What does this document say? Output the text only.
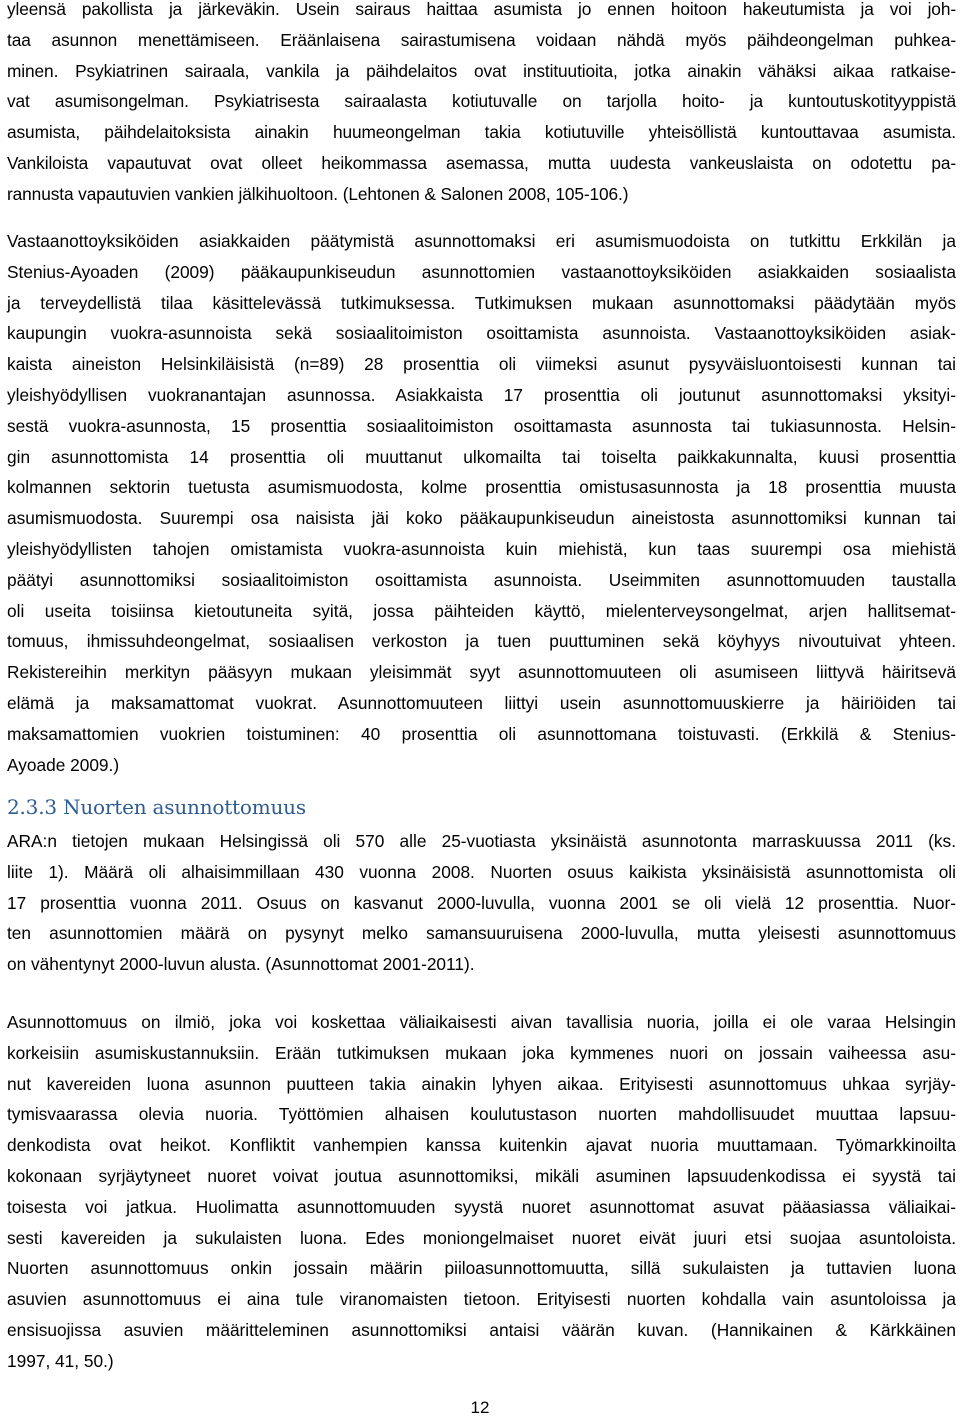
yleensä pakollista ja järkeväkin. Usein sairaus haittaa asumista jo ennen hoitoon hakeutumista ja voi joh-
taa asunnon menettämiseen. Eräänlaisena sairastumisena voidaan nähdä myös päihdeongelman puhkea-
minen. Psykiatrinen sairaala, vankila ja päihdelaitos ovat instituutioita, jotka ainakin vähäksi aikaa ratkaise-
vat asumisongelman. Psykiatrisesta sairaalasta kotiutuvalle on tarjolla hoito- ja kuntoutuskotityyppistä
asumista, päihdelaitoksista ainakin huumeongelman takia kotiutuville yhteisöllistä kuntouttavaa asumista.
Vankiloista vapautuvat ovat olleet heikommassa asemassa, mutta uudesta vankeuslaista on odotettu pa-
rannusta vapautuvien vankien jälkihuoltoon. (Lehtonen & Salonen 2008, 105-106.)
Vastaanottoyksiköiden asiakkaiden päätymistä asunnottomaksi eri asumismuodoista on tutkittu Erkkilän ja
Stenius-Ayoaden (2009) pääkaupunkiseudun asunnottomien vastaanottoyksiköiden asiakkaiden sosiaalista
ja terveydellistä tilaa käsittelevässä tutkimuksessa. Tutkimuksen mukaan asunnottomaksi päädytään myös
kaupungin vuokra-asunnoista sekä sosiaalitoimiston osoittamista asunnoista. Vastaanottoyksiköiden asiak-
kaista aineiston Helsinkiläisistä (n=89) 28 prosenttia oli viimeksi asunut pysyväisluontoisesti kunnan tai
yleishyödyllisen vuokranantajan asunnossa. Asiakkaista 17 prosenttia oli joutunut asunnottomaksi yksityi-
sestä vuokra-asunnosta, 15 prosenttia sosiaalitoimiston osoittamasta asunnosta tai tukiasunnosta. Helsin-
gin asunnottomista 14 prosenttia oli muuttanut ulkomailta tai toiselta paikkakunnalta, kuusi prosenttia
kolmannen sektorin tuetusta asumismuodosta, kolme prosenttia omistusasunnosta ja 18 prosenttia muusta
asumismuodosta. Suurempi osa naisista jäi koko pääkaupunkiseudun aineistosta asunnottomiksi kunnan tai
yleishyödyllisten tahojen omistamista vuokra-asunnoista kuin miehistä, kun taas suurempi osa miehistä
päätyi asunnottomiksi sosiaalitoimiston osoittamista asunnoista. Useimmiten asunnottomuuden taustalla
oli useita toisiinsa kietoutuneita syitä, jossa päihteiden käyttö, mielenterveysongelmat, arjen hallitsemat-
tomuus, ihmissuhdeongelmat, sosiaalisen verkoston ja tuen puuttuminen sekä köyhyys nivoutuivat yhteen.
Rekistereihin merkityn pääsyyn mukaan yleisimmät syyt asunnottomuuteen oli asumiseen liittyvä häiritsevä
elämä ja maksamattomat vuokrat. Asunnottomuuteen liittyi usein asunnottomuuskierre ja häiriöiden tai
maksamattomien vuokrien toistuminen: 40 prosenttia oli asunnottomana toistuvasti. (Erkkilä & Stenius-
Ayoade 2009.)
2.3.3 Nuorten asunnottomuus
ARA:n tietojen mukaan Helsingissä oli 570 alle 25-vuotiasta yksinäistä asunnotonta marraskuussa 2011 (ks.
liite 1). Määrä oli alhaisimmillaan 430 vuonna 2008. Nuorten osuus kaikista yksinäisistä asunnottomista oli
17 prosenttia vuonna 2011. Osuus on kasvanut 2000-luvulla, vuonna 2001 se oli vielä 12 prosenttia. Nuor-
ten asunnottomien määrä on pysynyt melko samansuuruisena 2000-luvulla, mutta yleisesti asunnottomuus
on vähentynyt 2000-luvun alusta. (Asunnottomat 2001-2011).
Asunnottomuus on ilmiö, joka voi koskettaa väliaikaisesti aivan tavallisia nuoria, joilla ei ole varaa Helsingin
korkeisiin asumiskustannuksiin. Erään tutkimuksen mukaan joka kymmenes nuori on jossain vaiheessa asu-
nut kavereiden luona asunnon puutteen takia ainakin lyhyen aikaa. Erityisesti asunnottomuus uhkaa syrjäy-
tymisvaarassa olevia nuoria. Työttömien alhaisen koulutustason nuorten mahdollisuudet muuttaa lapsuu-
denkodista ovat heikot. Konfliktit vanhempien kanssa kuitenkin ajavat nuoria muuttamaan. Työmarkkinoilta
kokonaan syrjäytyneet nuoret voivat joutua asunnottomiksi, mikäli asuminen lapsuudenkodissa ei syystä tai
toisesta voi jatkua. Huolimatta asunnottomuuden syystä nuoret asunnottomat asuvat pääasiassa väliaikai-
sesti kavereiden ja sukulaisten luona. Edes moniongelmaiset nuoret eivät juuri etsi suojaa asuntoloista.
Nuorten asunnottomuus onkin jossain määrin piiloasunnottomuutta, sillä sukulaisten ja tuttavien luona
asuvien asunnottomuus ei aina tule viranomaisten tietoon. Erityisesti nuorten kohdalla vain asuntoloissa ja
ensisuojissa asuvien määritteleminen asunnottomiksi antaisi väärän kuvan. (Hannikainen & Kärkkäinen
1997, 41, 50.)
12
